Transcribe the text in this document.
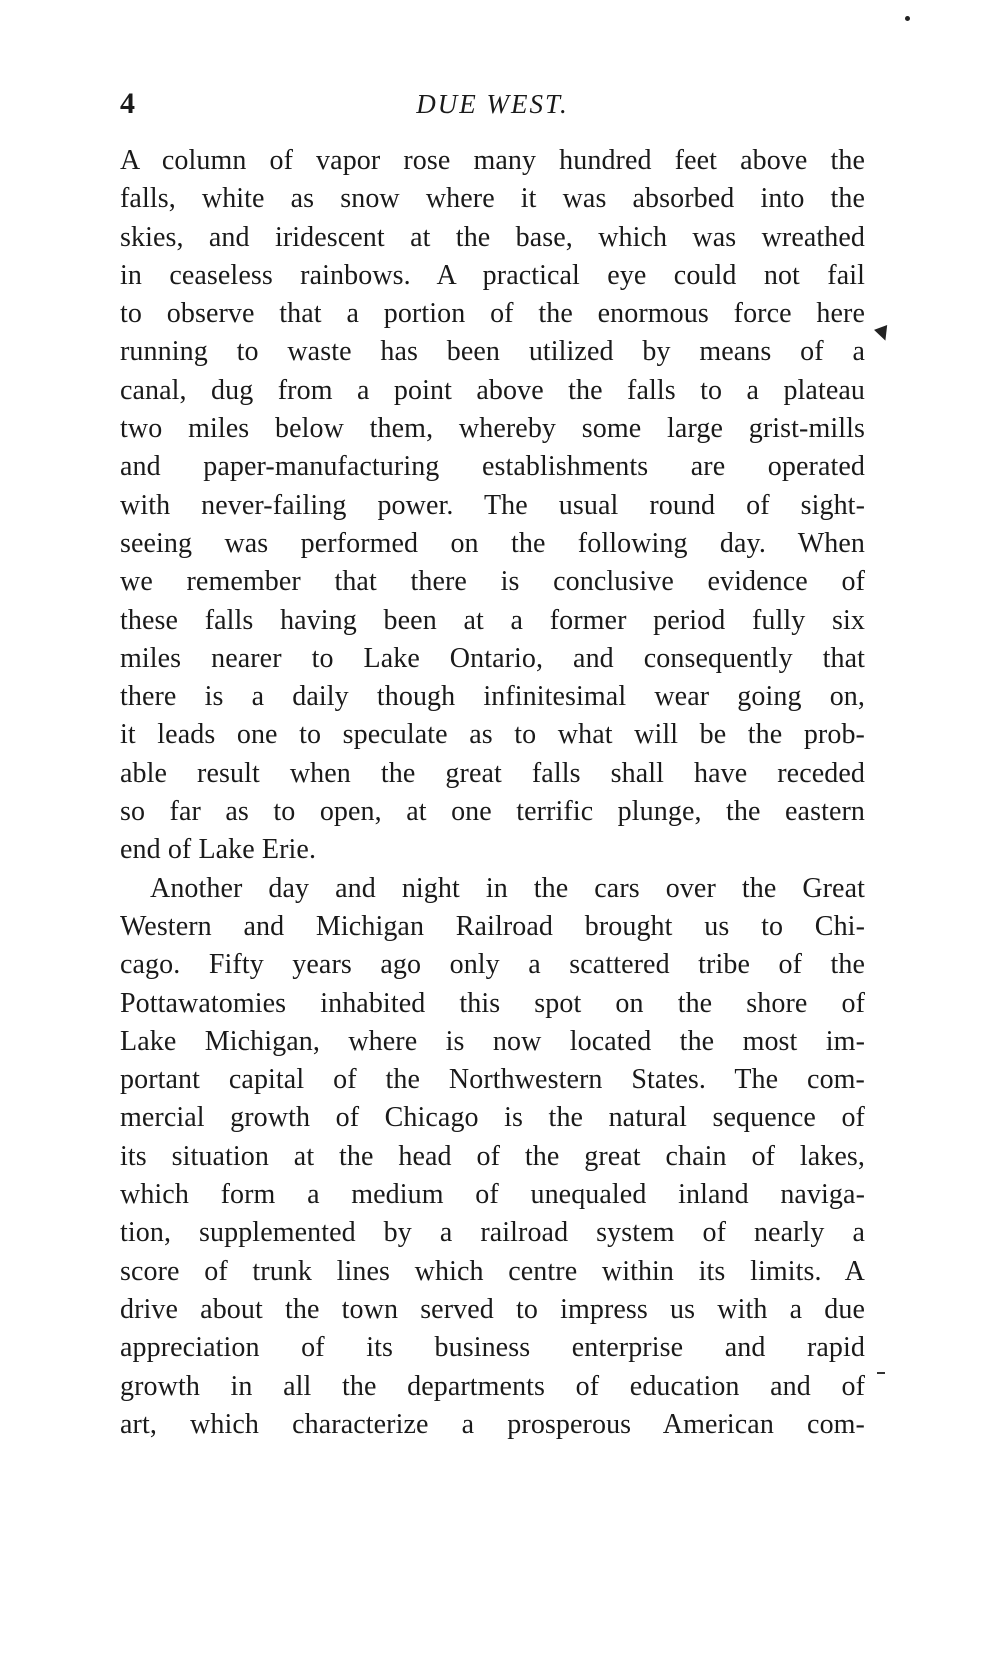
4	DUE WEST.
A column of vapor rose many hundred feet above the
falls, white as snow where it was absorbed into the
skies, and iridescent at the base, which was wreathed
in ceaseless rainbows. A practical eye could not fail
to observe that a portion of the enormous force here
running to waste has been utilized by means of a
canal, dug from a point above the falls to a plateau
two miles below them, whereby some large grist-mills
and paper-manufacturing establishments are operated
with never-failing power. The usual round of sight-
seeing was performed on the following day. When
we remember that there is conclusive evidence of
these falls having been at a former period fully six
miles nearer to Lake Ontario, and consequently that
there is a daily though infinitesimal wear going on,
it leads one to speculate as to what will be the prob-
able result when the great falls shall have receded
so far as to open, at one terrific plunge, the eastern
end of Lake Erie.
Another day and night in the cars over the Great
Western and Michigan Railroad brought us to Chi-
cago. Fifty years ago only a scattered tribe of the
Pottawatomies inhabited this spot on the shore of
Lake Michigan, where is now located the most im-
portant capital of the Northwestern States. The com-
mercial growth of Chicago is the natural sequence of
its situation at the head of the great chain of lakes,
which form a medium of unequaled inland naviga-
tion, supplemented by a railroad system of nearly a
score of trunk lines which centre within its limits. A
drive about the town served to impress us with a due
appreciation of its business enterprise and rapid
growth in all the departments of education and of
art, which characterize a prosperous American com-
